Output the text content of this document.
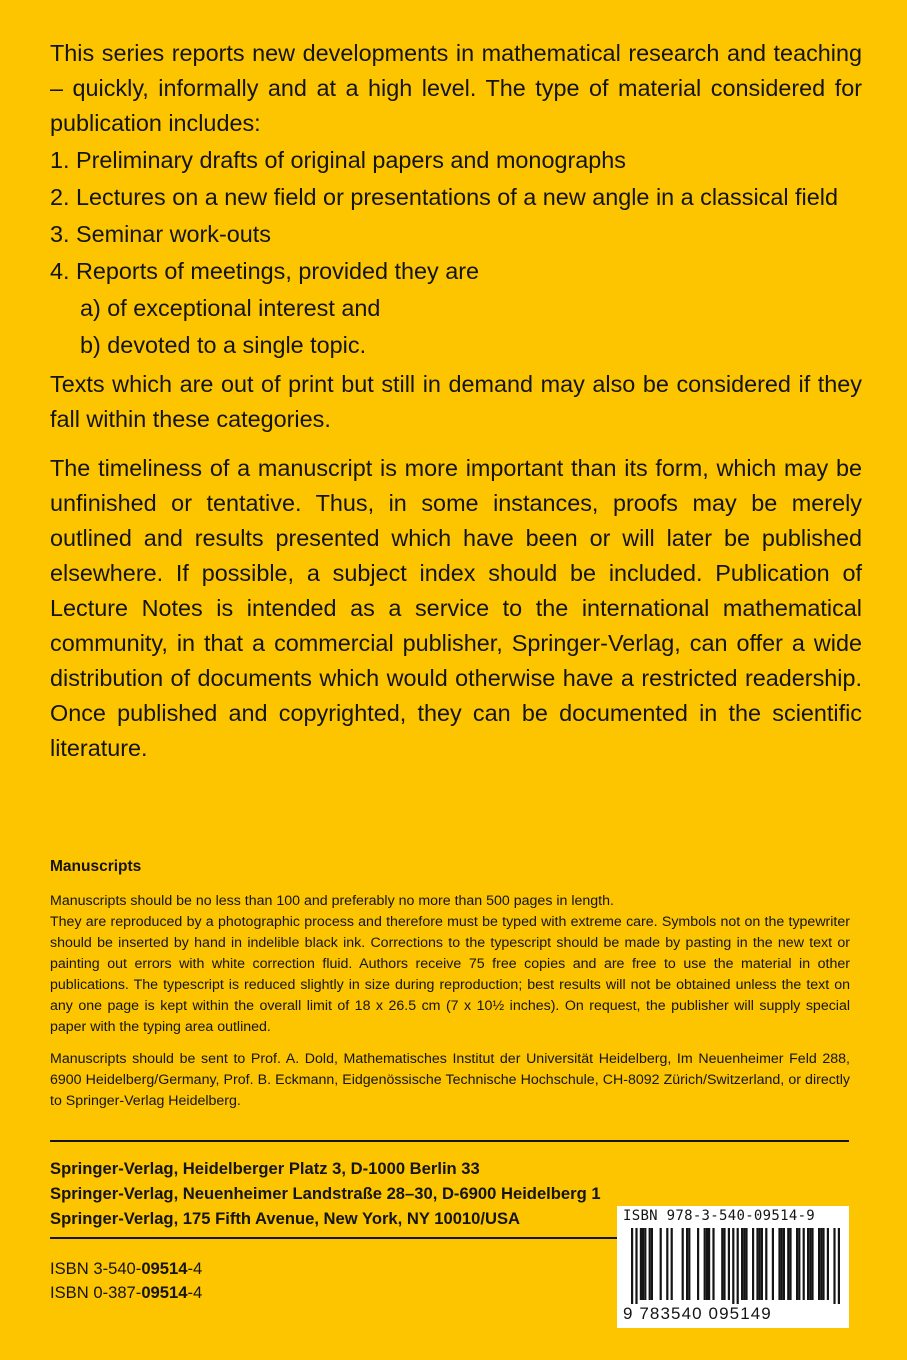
This series reports new developments in mathematical research and teaching – quickly, informally and at a high level. The type of material considered for publication includes:

1. Preliminary drafts of original papers and monographs
2. Lectures on a new field or presentations of a new angle in a classical field
3. Seminar work-outs
4. Reports of meetings, provided they are
a) of exceptional interest and
b) devoted to a single topic.

Texts which are out of print but still in demand may also be considered if they fall within these categories.

The timeliness of a manuscript is more important than its form, which may be unfinished or tentative. Thus, in some instances, proofs may be merely outlined and results presented which have been or will later be published elsewhere. If possible, a subject index should be included. Publication of Lecture Notes is intended as a service to the international mathematical community, in that a commercial publisher, Springer-Verlag, can offer a wide distribution of documents which would otherwise have a restricted readership. Once published and copyrighted, they can be documented in the scientific literature.

Manuscripts

Manuscripts should be no less than 100 and preferably no more than 500 pages in length.

They are reproduced by a photographic process and therefore must be typed with extreme care. Symbols not on the typewriter should be inserted by hand in indelible black ink. Corrections to the typescript should be made by pasting in the new text or painting out errors with white correction fluid. Authors receive 75 free copies and are free to use the material in other publications. The typescript is reduced slightly in size during reproduction; best results will not be obtained unless the text on any one page is kept within the overall limit of 18 x 26.5 cm (7 x 10½ inches). On request, the publisher will supply special paper with the typing area outlined.

Manuscripts should be sent to Prof. A. Dold, Mathematisches Institut der Universität Heidelberg, Im Neuenheimer Feld 288, 6900 Heidelberg/Germany, Prof. B. Eckmann, Eidgenössische Technische Hochschule, CH-8092 Zürich/Switzerland, or directly to Springer-Verlag Heidelberg.

Springer-Verlag, Heidelberger Platz 3, D-1000 Berlin 33
Springer-Verlag, Neuenheimer Landstraße 28–30, D-6900 Heidelberg 1
Springer-Verlag, 175 Fifth Avenue, New York, NY 10010/USA
ISBN 3-540-09514-4
ISBN 0-387-09514-4
ISBN 978-3-540-09514-9
9 783540 095149
